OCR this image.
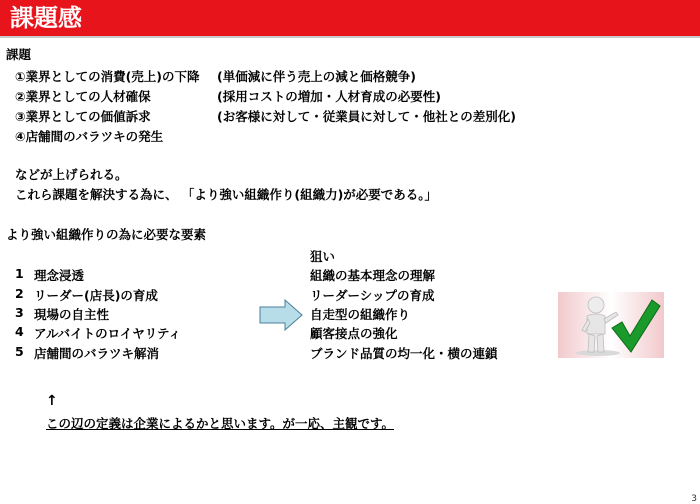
課題感
課題
①業界としての消費(売上)の下降 (単価減に伴う売上の減と価格競争)
②業界としての人材確保	(採用コストの増加・人材育成の必要性)
③業界としての価値訴求	(お客様に対して・従業員に対して・他社との差別化)
④店舗間のバラツキの発生
などが上げられる。
これら課題を解決する為に、 「より強い組織作り(組織力)が必要である。」
より強い組織作りの為に必要な要素
狙い
1 理念浸透	組織の基本理念の理解
2 リーダー(店長)の育成	リーダーシップの育成
3 現場の自主性	自走型の組織作り
4 アルバイトのロイヤリティ	顧客接点の強化
5 店舗間のバラツキ解消	ブランド品質の均一化・横の連鎖
↑
この辺の定義は企業によるかと思います。が一応、主観です。
3
